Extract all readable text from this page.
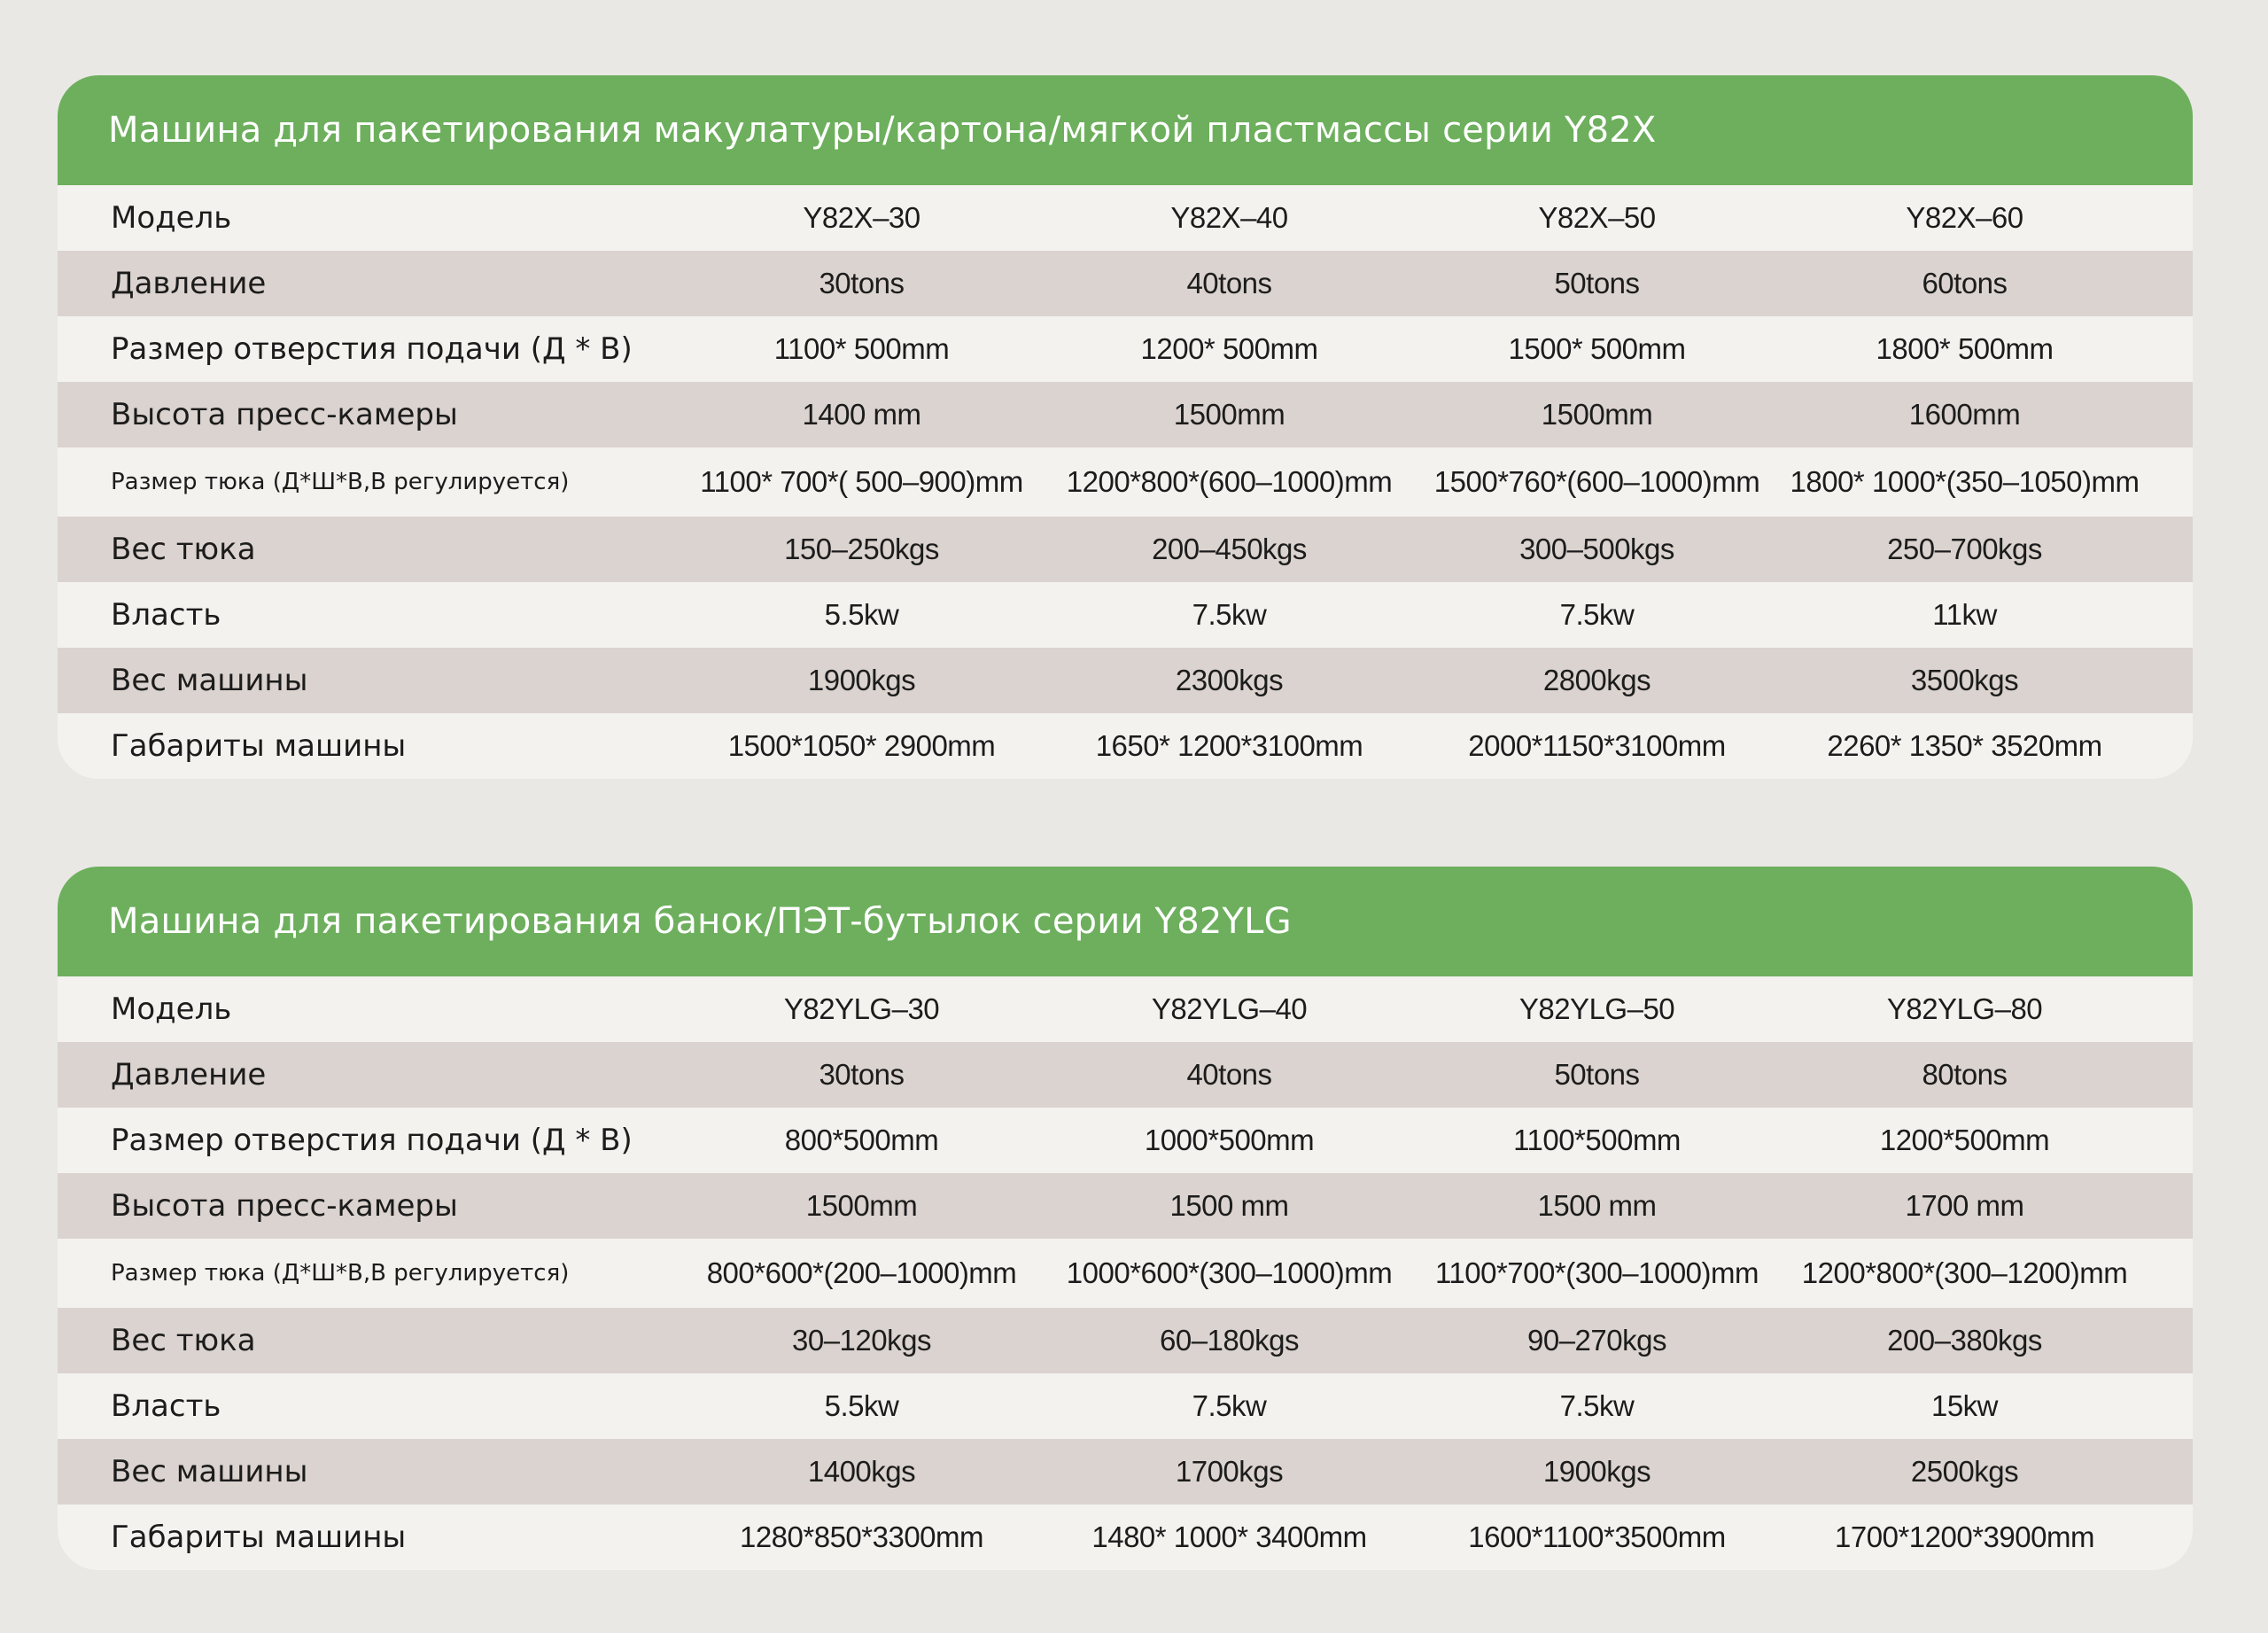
Машина для пакетирования макулатуры/картона/мягкой пластмассы серии Y82X
Модель	Y82X–30	Y82X–40	Y82X–50	Y82X–60
Давление	30tons	40tons	50tons	60tons
Размер отверстия подачи (Д * В)	1100* 500mm	1200* 500mm	1500* 500mm	1800* 500mm
Высота пресс-камеры	1400 mm	1500mm	1500mm	1600mm
Размер тюка (Д*Ш*В,В регулируется)	1100* 700*( 500–900)mm	1200*800*(600–1000)mm	1500*760*(600–1000)mm	1800* 1000*(350–1050)mm
Вес тюка	150–250kgs	200–450kgs	300–500kgs	250–700kgs
Власть	5.5kw	7.5kw	7.5kw	11kw
Вес машины	1900kgs	2300kgs	2800kgs	3500kgs
Габариты машины	1500*1050* 2900mm	1650* 1200*3100mm	2000*1150*3100mm	2260* 1350* 3520mm
Машина для пакетирования банок/ПЭТ-бутылок серии Y82YLG
Модель	Y82YLG–30	Y82YLG–40	Y82YLG–50	Y82YLG–80
Давление	30tons	40tons	50tons	80tons
Размер отверстия подачи (Д * В)	800*500mm	1000*500mm	1100*500mm	1200*500mm
Высота пресс-камеры	1500mm	1500 mm	1500 mm	1700 mm
Размер тюка (Д*Ш*В,В регулируется)	800*600*(200–1000)mm	1000*600*(300–1000)mm	1100*700*(300–1000)mm	1200*800*(300–1200)mm
Вес тюка	30–120kgs	60–180kgs	90–270kgs	200–380kgs
Власть	5.5kw	7.5kw	7.5kw	15kw
Вес машины	1400kgs	1700kgs	1900kgs	2500kgs
Габариты машины	1280*850*3300mm	1480* 1000* 3400mm	1600*1100*3500mm	1700*1200*3900mm
